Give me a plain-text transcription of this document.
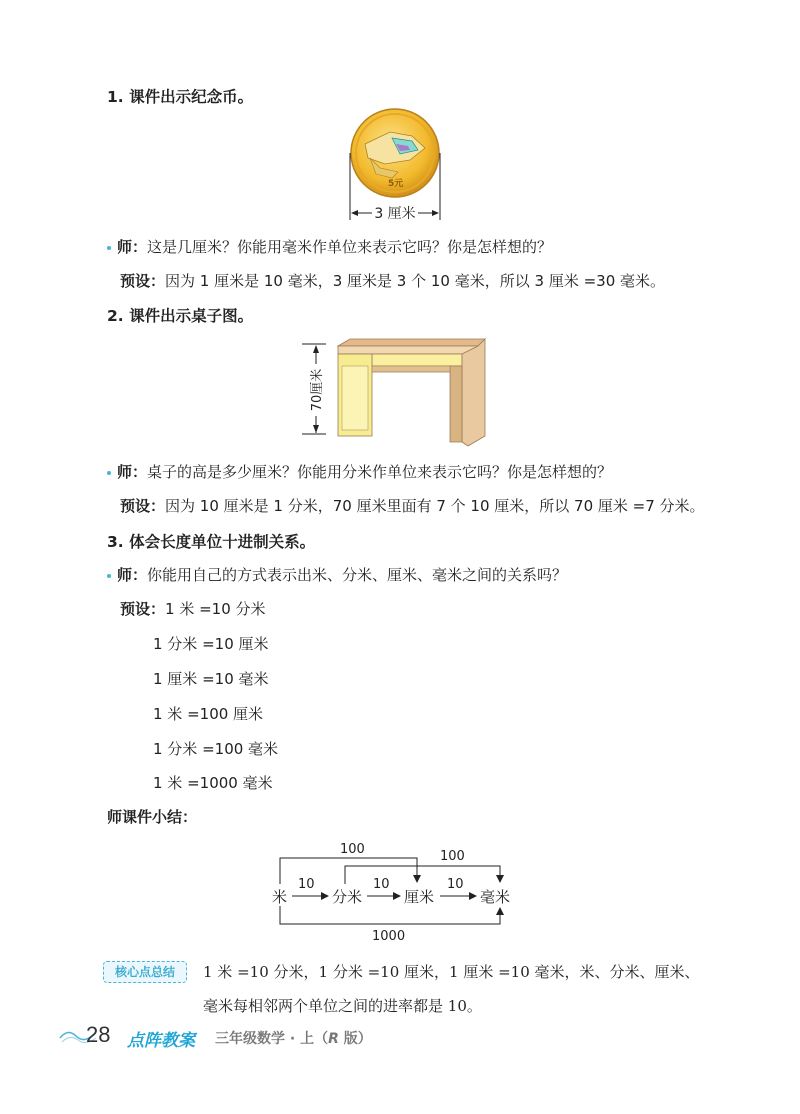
1. 课件出示纪念币。
5元
3 厘米
师：这是几厘米？你能用毫米作单位来表示它吗？你是怎样想的？
预设：因为 1 厘米是 10 毫米，3 厘米是 3 个 10 毫米，所以 3 厘米 =30 毫米。
2. 课件出示桌子图。
70厘米
师：桌子的高是多少厘米？你能用分米作单位来表示它吗？你是怎样想的？
预设：因为 10 厘米是 1 分米，70 厘米里面有 7 个 10 厘米，所以 70 厘米 =7 分米。
3. 体会长度单位十进制关系。
师：你能用自己的方式表示出米、分米、厘米、毫米之间的关系吗？
预设：1 米 =10 分米
1 分米 =10 厘米
1 厘米 =10 毫米
1 米 =100 厘米
1 分米 =100 毫米
1 米 =1000 毫米
师课件小结：
米	分米	厘米	毫米
10	10	10
100	100
1000
核心点总结	1 米 =10 分米，1 分米 =10 厘米，1 厘米 =10 毫米，米、分米、厘米、
毫米每相邻两个单位之间的进率都是 10。
28 点阵教案 三年级数学 · 上（R 版）
